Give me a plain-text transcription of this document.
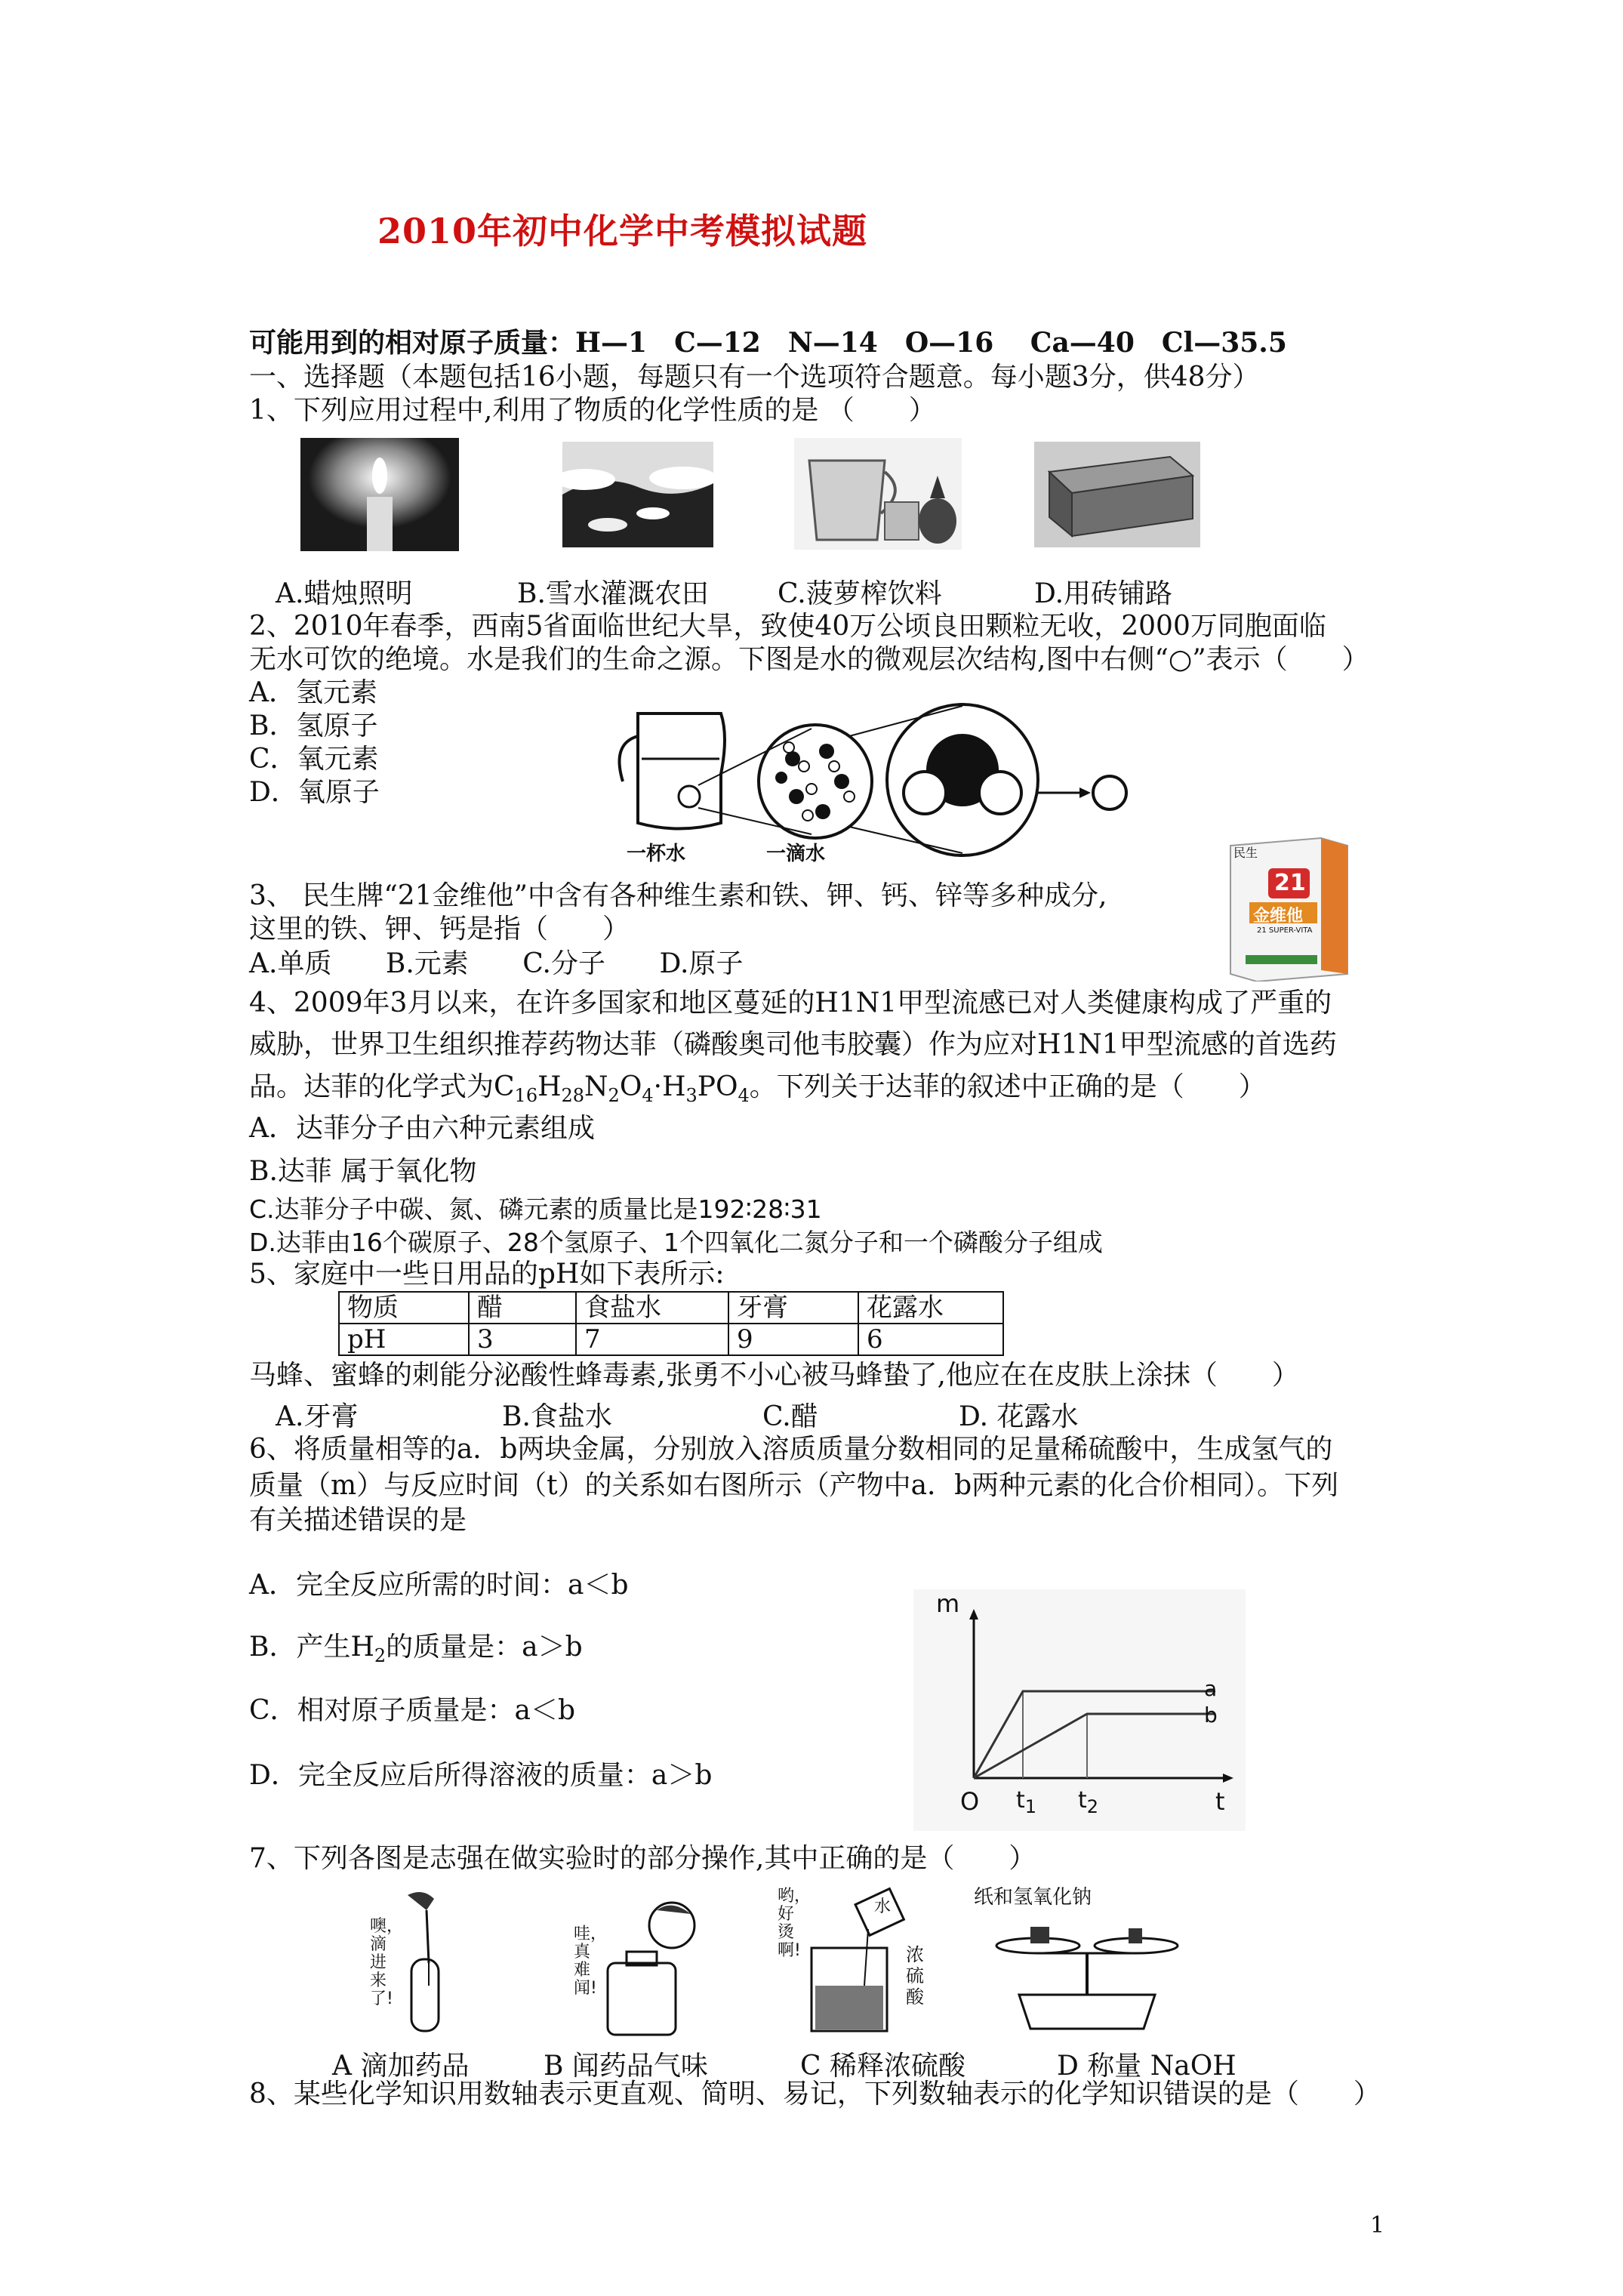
2010年初中化学中考模拟试题
可能用到的相对原子质量：H—1　C—12　N—14　O—16　 Ca—40　Cl—35.5
一、选择题（本题包括16小题，每题只有一个选项符合题意。每小题3分，供48分）
1、下列应用过程中,利用了物质的化学性质的是 （　　）
A.蜡烛照明	B.雪水灌溉农田	C.菠萝榨饮料	D.用砖铺路
2、2010年春季，西南5省面临世纪大旱，致使40万公顷良田颗粒无收，2000万同胞面临
无水可饮的绝境。水是我们的生命之源。下图是水的微观层次结构,图中右侧“○”表示（　　）
A．氢元素
B．氢原子
C．氧元素
D．氧原子
一杯水	一滴水
3、 民生牌“21金维他”中含有各种维生素和铁、钾、钙、锌等多种成分,
这里的铁、钾、钙是指（　　）
A.单质 B.元素 C.分子 D.原子
民生
21
金维他
21 SUPER-VITA
4、2009年3月以来，在许多国家和地区蔓延的H1N1甲型流感已对人类健康构成了严重的
威胁，世界卫生组织推荐药物达菲（磷酸奥司他韦胶囊）作为应对H1N1甲型流感的首选药
品。达菲的化学式为$C_{16}H_{28}N_2O_4\cdot H_3PO_4$。下列关于达菲的叙述中正确的是（　　）
A．达菲分子由六种元素组成
B.达菲 属于氧化物
C.达菲分子中碳、氮、磷元素的质量比是192∶28∶31
D.达菲由16个碳原子、28个氢原子、1个四氧化二氮分子和一个磷酸分子组成
5、家庭中一些日用品的pH如下表所示:
物质	醋	食盐水	牙膏	花露水
pH	3	7	9	6
马蜂、蜜蜂的刺能分泌酸性蜂毒素,张勇不小心被马蜂蛰了,他应在在皮肤上涂抹（　　）
A.牙膏	B.食盐水	C.醋	D. 花露水
6、将质量相等的a．b两块金属，分别放入溶质质量分数相同的足量稀硫酸中，生成氢气的
质量（m）与反应时间（t）的关系如右图所示（产物中a．b两种元素的化合价相同）。下列
有关描述错误的是
A．完全反应所需的时间：a＜b
B．产生$H_2$的质量是：a＞b
C．相对原子质量是：a＜b
D．完全反应后所得溶液的质量：a＞b
m
t
O $t_1$ $t_2$
a
b
7、下列各图是志强在做实验时的部分操作,其中正确的是（　　）
噢，滴进来了!
哇，真难闻!
哟，好烫啊!	浓硫酸
水	纸和氢氧化钠
A 滴加药品	B 闻药品气味	C 稀释浓硫酸	D 称量 NaOH
8、某些化学知识用数轴表示更直观、简明、易记，下列数轴表示的化学知识错误的是（　　）
1
